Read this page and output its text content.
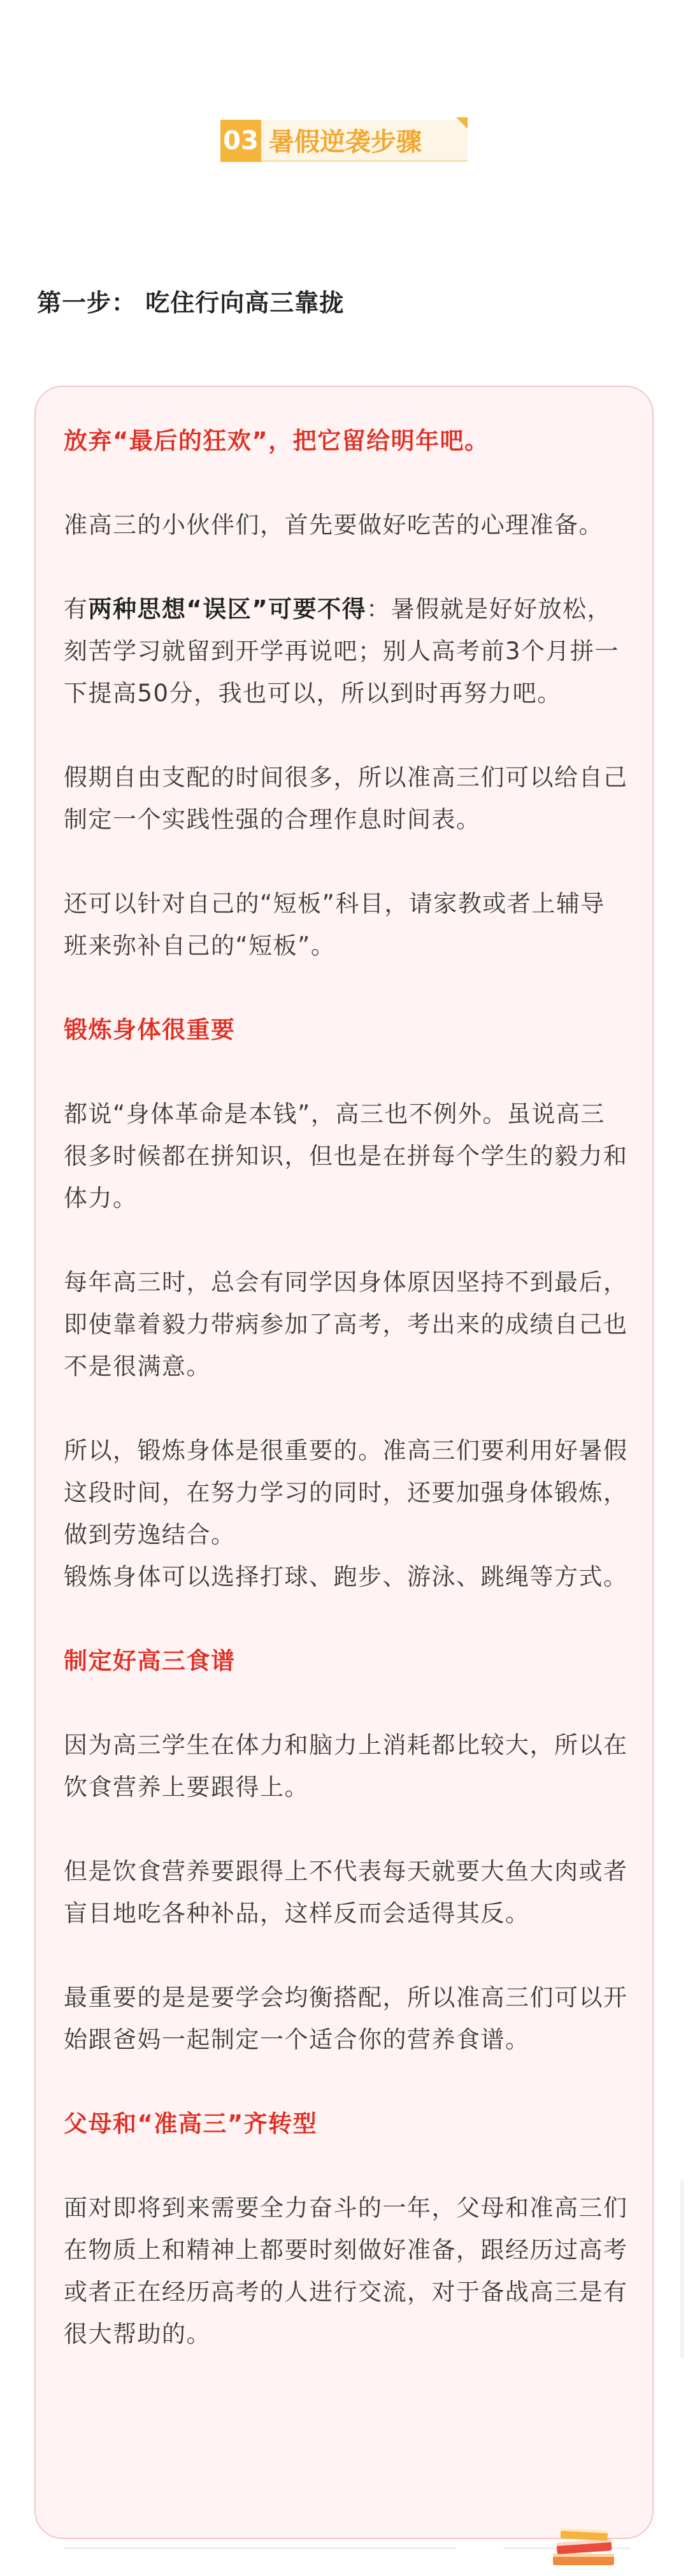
03 暑假逆袭步骤
第一步： 吃住行向高三靠拢

放弃“最后的狂欢”，把它留给明年吧。

准高三的小伙伴们，首先要做好吃苦的心理准备。

有两种思想“误区”可要不得：暑假就是好好放松，刻苦学习就留到开学再说吧；别人高考前3个月拼一下提高50分，我也可以，所以到时再努力吧。

假期自由支配的时间很多，所以准高三们可以给自己制定一个实践性强的合理作息时间表。

还可以针对自己的“短板”科目，请家教或者上辅导班来弥补自己的“短板”。

锻炼身体很重要

都说“身体革命是本钱”，高三也不例外。虽说高三很多时候都在拼知识，但也是在拼每个学生的毅力和体力。

每年高三时，总会有同学因身体原因坚持不到最后，即使靠着毅力带病参加了高考，考出来的成绩自己也不是很满意。

所以，锻炼身体是很重要的。准高三们要利用好暑假这段时间，在努力学习的同时，还要加强身体锻炼，做到劳逸结合。

锻炼身体可以选择打球、跑步、游泳、跳绳等方式。

制定好高三食谱

因为高三学生在体力和脑力上消耗都比较大，所以在饮食营养上要跟得上。

但是饮食营养要跟得上不代表每天就要大鱼大肉或者盲目地吃各种补品，这样反而会适得其反。

最重要的是是要学会均衡搭配，所以准高三们可以开始跟爸妈一起制定一个适合你的营养食谱。

父母和“准高三”齐转型

面对即将到来需要全力奋斗的一年，父母和准高三们在物质上和精神上都要时刻做好准备，跟经历过高考或者正在经历高考的人进行交流，对于备战高三是有很大帮助的。
